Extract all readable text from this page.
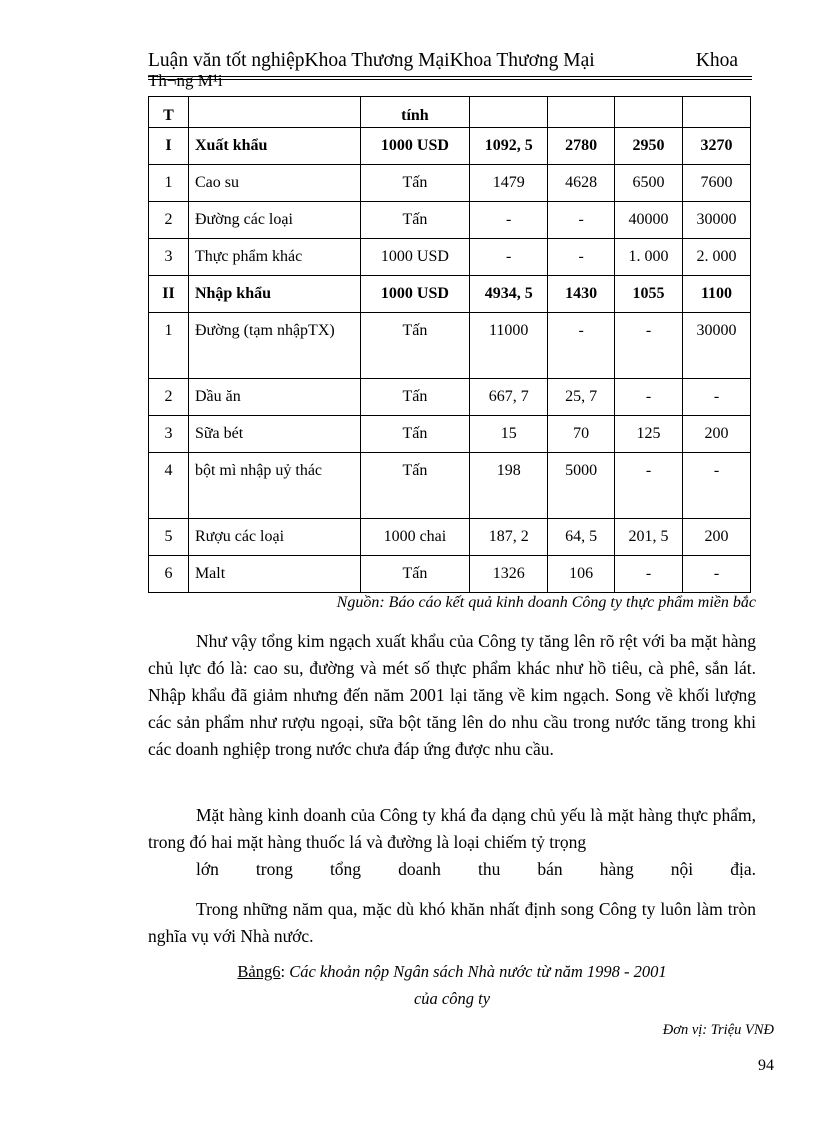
Luận văn tốt nghiệpKhoa Thương MạiKhoa Thương Mại	Khoa
Th¬ng M¹i
T		tính				
I	Xuất khẩu	1000 USD	1092, 5	2780	2950	3270
1	Cao su	Tấn	1479	4628	6500	7600
2	Đường các loại	Tấn	-	-	40000	30000
3	Thực phẩm khác	1000 USD	-	-	1. 000	2. 000
II	Nhập khẩu	1000 USD	4934, 5	1430	1055	1100
1	Đường (tạm nhậpTX)	Tấn	11000	-	-	30000
2	Dầu ăn	Tấn	667, 7	25, 7	-	-
3	Sữa bét	Tấn	15	70	125	200
4	bột mì nhập uỷ thác	Tấn	198	5000	-	-
5	Rượu các loại	1000 chai	187, 2	64, 5	201, 5	200
6	Malt	Tấn	1326	106	-	-
Nguồn: Báo cáo kết quả kinh doanh Công ty thực phẩm miền bắc

Như vậy tổng kim ngạch xuất khẩu của Công ty tăng lên rõ rệt với ba mặt hàng chủ lực đó là: cao su, đường và mét số thực phẩm khác như hồ tiêu, cà phê, sắn lát. Nhập khẩu đã giảm nhưng đến năm 2001 lại tăng về kim ngạch. Song về khối lượng các sản phẩm như rượu ngoại, sữa bột tăng lên do nhu cầu trong nước tăng trong khi các doanh nghiệp trong nước chưa đáp ứng được nhu cầu.

Mặt hàng kinh doanh của Công ty khá đa dạng chủ yếu là mặt hàng thực phẩm, trong đó hai mặt hàng thuốc lá và đường là loại chiếm tỷ trọng
lớn trong tổng doanh thu bán hàng nội địa.

Trong những năm qua, mặc dù khó khăn nhất định song Công ty luôn làm tròn nghĩa vụ với Nhà nước.

Bảng6: Các khoản nộp Ngân sách Nhà nước từ năm 1998 - 2001
của công ty
Đơn vị: Triệu VNĐ
94
